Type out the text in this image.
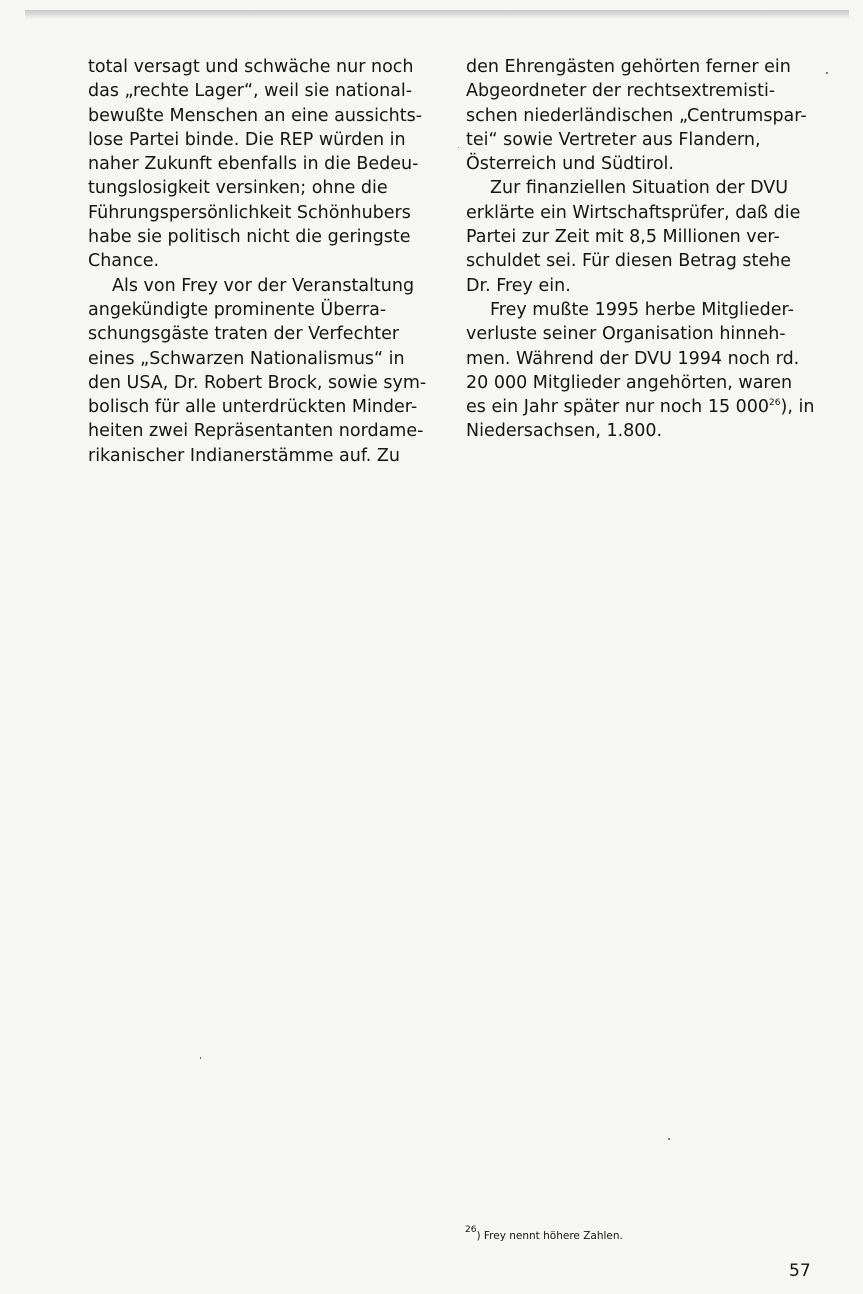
total versagt und schwäche nur noch
das „rechte Lager“, weil sie national-
bewußte Menschen an eine aussichts-
lose Partei binde. Die REP würden in
naher Zukunft ebenfalls in die Bedeu-
tungslosigkeit versinken; ohne die
Führungspersönlichkeit Schönhubers
habe sie politisch nicht die geringste
Chance.
Als von Frey vor der Veranstaltung
angekündigte prominente Überra-
schungsgäste traten der Verfechter
eines „Schwarzen Nationalismus“ in
den USA, Dr. Robert Brock, sowie sym-
bolisch für alle unterdrückten Minder-
heiten zwei Repräsentanten nordame-
rikanischer Indianerstämme auf. Zu
den Ehrengästen gehörten ferner ein
Abgeordneter der rechtsextremisti-
schen niederländischen „Centrumspar-
tei“ sowie Vertreter aus Flandern,
Österreich und Südtirol.
Zur finanziellen Situation der DVU
erklärte ein Wirtschaftsprüfer, daß die
Partei zur Zeit mit 8,5 Millionen ver-
schuldet sei. Für diesen Betrag stehe
Dr. Frey ein.
Frey mußte 1995 herbe Mitglieder-
verluste seiner Organisation hinneh-
men. Während der DVU 1994 noch rd.
20 000 Mitglieder angehörten, waren
es ein Jahr später nur noch 15 $000^{26}$), in
Niedersachsen, 1.800.
26) Frey nennt höhere Zahlen.
57
